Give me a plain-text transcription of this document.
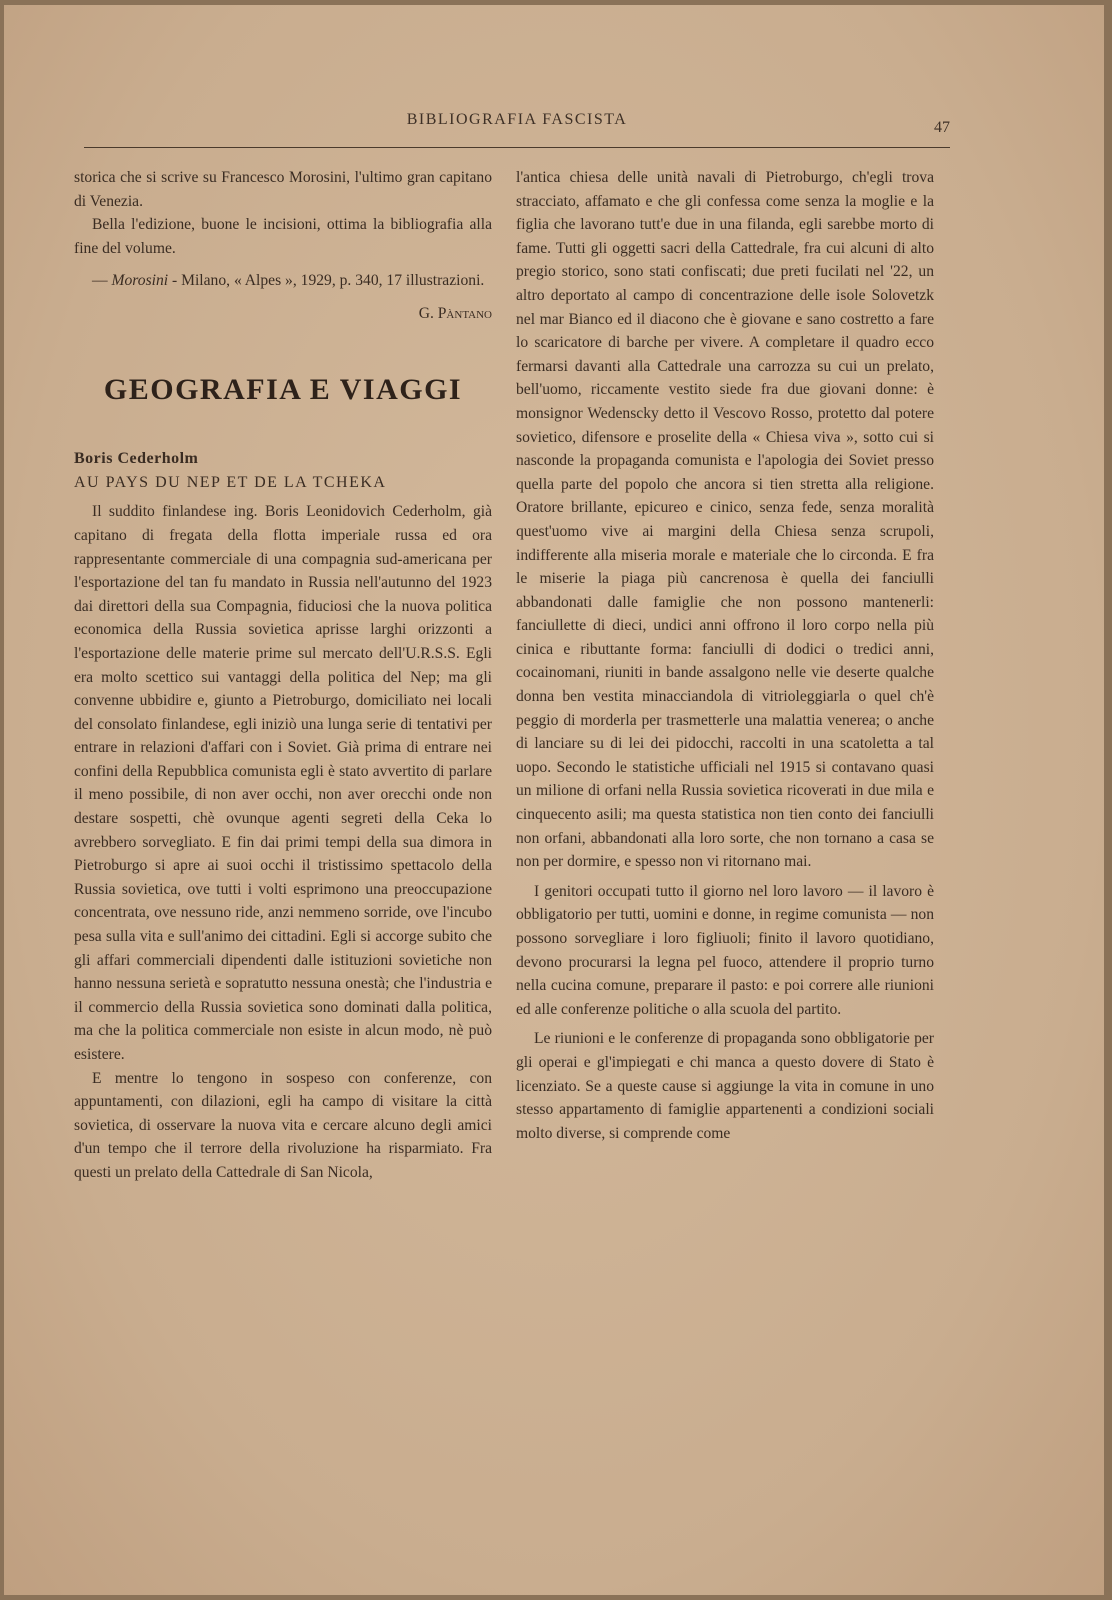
BIBLIOGRAFIA FASCISTA	47

storica che si scrive su Francesco Morosini, l'ultimo gran capitano di Venezia.

Bella l'edizione, buone le incisioni, ottima la bibliografia alla fine del volume.

— Morosini - Milano, « Alpes », 1929, p. 340, 17 illustrazioni.

G. Pàntano

GEOGRAFIA E VIAGGI
Boris Cederholm
AU PAYS DU NEP ET DE LA TCHEKA

Il suddito finlandese ing. Boris Leonidovich Cederholm, già capitano di fregata della flotta imperiale russa ed ora rappresentante commerciale di una compagnia sud-americana per l'esportazione del tan fu mandato in Russia nell'autunno del 1923 dai direttori della sua Compagnia, fiduciosi che la nuova politica economica della Russia sovietica aprisse larghi orizzonti a l'esportazione delle materie prime sul mercato dell'U.R.S.S. Egli era molto scettico sui vantaggi della politica del Nep; ma gli convenne ubbidire e, giunto a Pietroburgo, domiciliato nei locali del consolato finlandese, egli iniziò una lunga serie di tentativi per entrare in relazioni d'affari con i Soviet. Già prima di entrare nei confini della Repubblica comunista egli è stato avvertito di parlare il meno possibile, di non aver occhi, non aver orecchi onde non destare sospetti, chè ovunque agenti segreti della Ceka lo avrebbero sorvegliato. E fin dai primi tempi della sua dimora in Pietroburgo si apre ai suoi occhi il tristissimo spettacolo della Russia sovietica, ove tutti i volti esprimono una preoccupazione concentrata, ove nessuno ride, anzi nemmeno sorride, ove l'incubo pesa sulla vita e sull'animo dei cittadini. Egli si accorge subito che gli affari commerciali dipendenti dalle istituzioni sovietiche non hanno nessuna serietà e sopratutto nessuna onestà; che l'industria e il commercio della Russia sovietica sono dominati dalla politica, ma che la politica commerciale non esiste in alcun modo, nè può esistere.

E mentre lo tengono in sospeso con conferenze, con appuntamenti, con dilazioni, egli ha campo di visitare la città sovietica, di osservare la nuova vita e cercare alcuno degli amici d'un tempo che il terrore della rivoluzione ha risparmiato. Fra questi un prelato della Cattedrale di San Nicola,

l'antica chiesa delle unità navali di Pietroburgo, ch'egli trova stracciato, affamato e che gli confessa come senza la moglie e la figlia che lavorano tutt'e due in una filanda, egli sarebbe morto di fame. Tutti gli oggetti sacri della Cattedrale, fra cui alcuni di alto pregio storico, sono stati confiscati; due preti fucilati nel '22, un altro deportato al campo di concentrazione delle isole Solovetzk nel mar Bianco ed il diacono che è giovane e sano costretto a fare lo scaricatore di barche per vivere. A completare il quadro ecco fermarsi davanti alla Cattedrale una carrozza su cui un prelato, bell'uomo, riccamente vestito siede fra due giovani donne: è monsignor Wedenscky detto il Vescovo Rosso, protetto dal potere sovietico, difensore e proselite della « Chiesa viva », sotto cui si nasconde la propaganda comunista e l'apologia dei Soviet presso quella parte del popolo che ancora si tien stretta alla religione. Oratore brillante, epicureo e cinico, senza fede, senza moralità quest'uomo vive ai margini della Chiesa senza scrupoli, indifferente alla miseria morale e materiale che lo circonda. E fra le miserie la piaga più cancrenosa è quella dei fanciulli abbandonati dalle famiglie che non possono mantenerli: fanciullette di dieci, undici anni offrono il loro corpo nella più cinica e ributtante forma: fanciulli di dodici o tredici anni, cocainomani, riuniti in bande assalgono nelle vie deserte qualche donna ben vestita minacciandola di vitrioleggiarla o quel ch'è peggio di morderla per trasmetterle una malattia venerea; o anche di lanciare su di lei dei pidocchi, raccolti in una scatoletta a tal uopo. Secondo le statistiche ufficiali nel 1915 si contavano quasi un milione di orfani nella Russia sovietica ricoverati in due mila e cinquecento asili; ma questa statistica non tien conto dei fanciulli non orfani, abbandonati alla loro sorte, che non tornano a casa se non per dormire, e spesso non vi ritornano mai.

I genitori occupati tutto il giorno nel loro lavoro — il lavoro è obbligatorio per tutti, uomini e donne, in regime comunista — non possono sorvegliare i loro figliuoli; finito il lavoro quotidiano, devono procurarsi la legna pel fuoco, attendere il proprio turno nella cucina comune, preparare il pasto: e poi correre alle riunioni ed alle conferenze politiche o alla scuola del partito.

Le riunioni e le conferenze di propaganda sono obbligatorie per gli operai e gl'impiegati e chi manca a questo dovere di Stato è licenziato. Se a queste cause si aggiunge la vita in comune in uno stesso appartamento di famiglie appartenenti a condizioni sociali molto diverse, si comprende come
